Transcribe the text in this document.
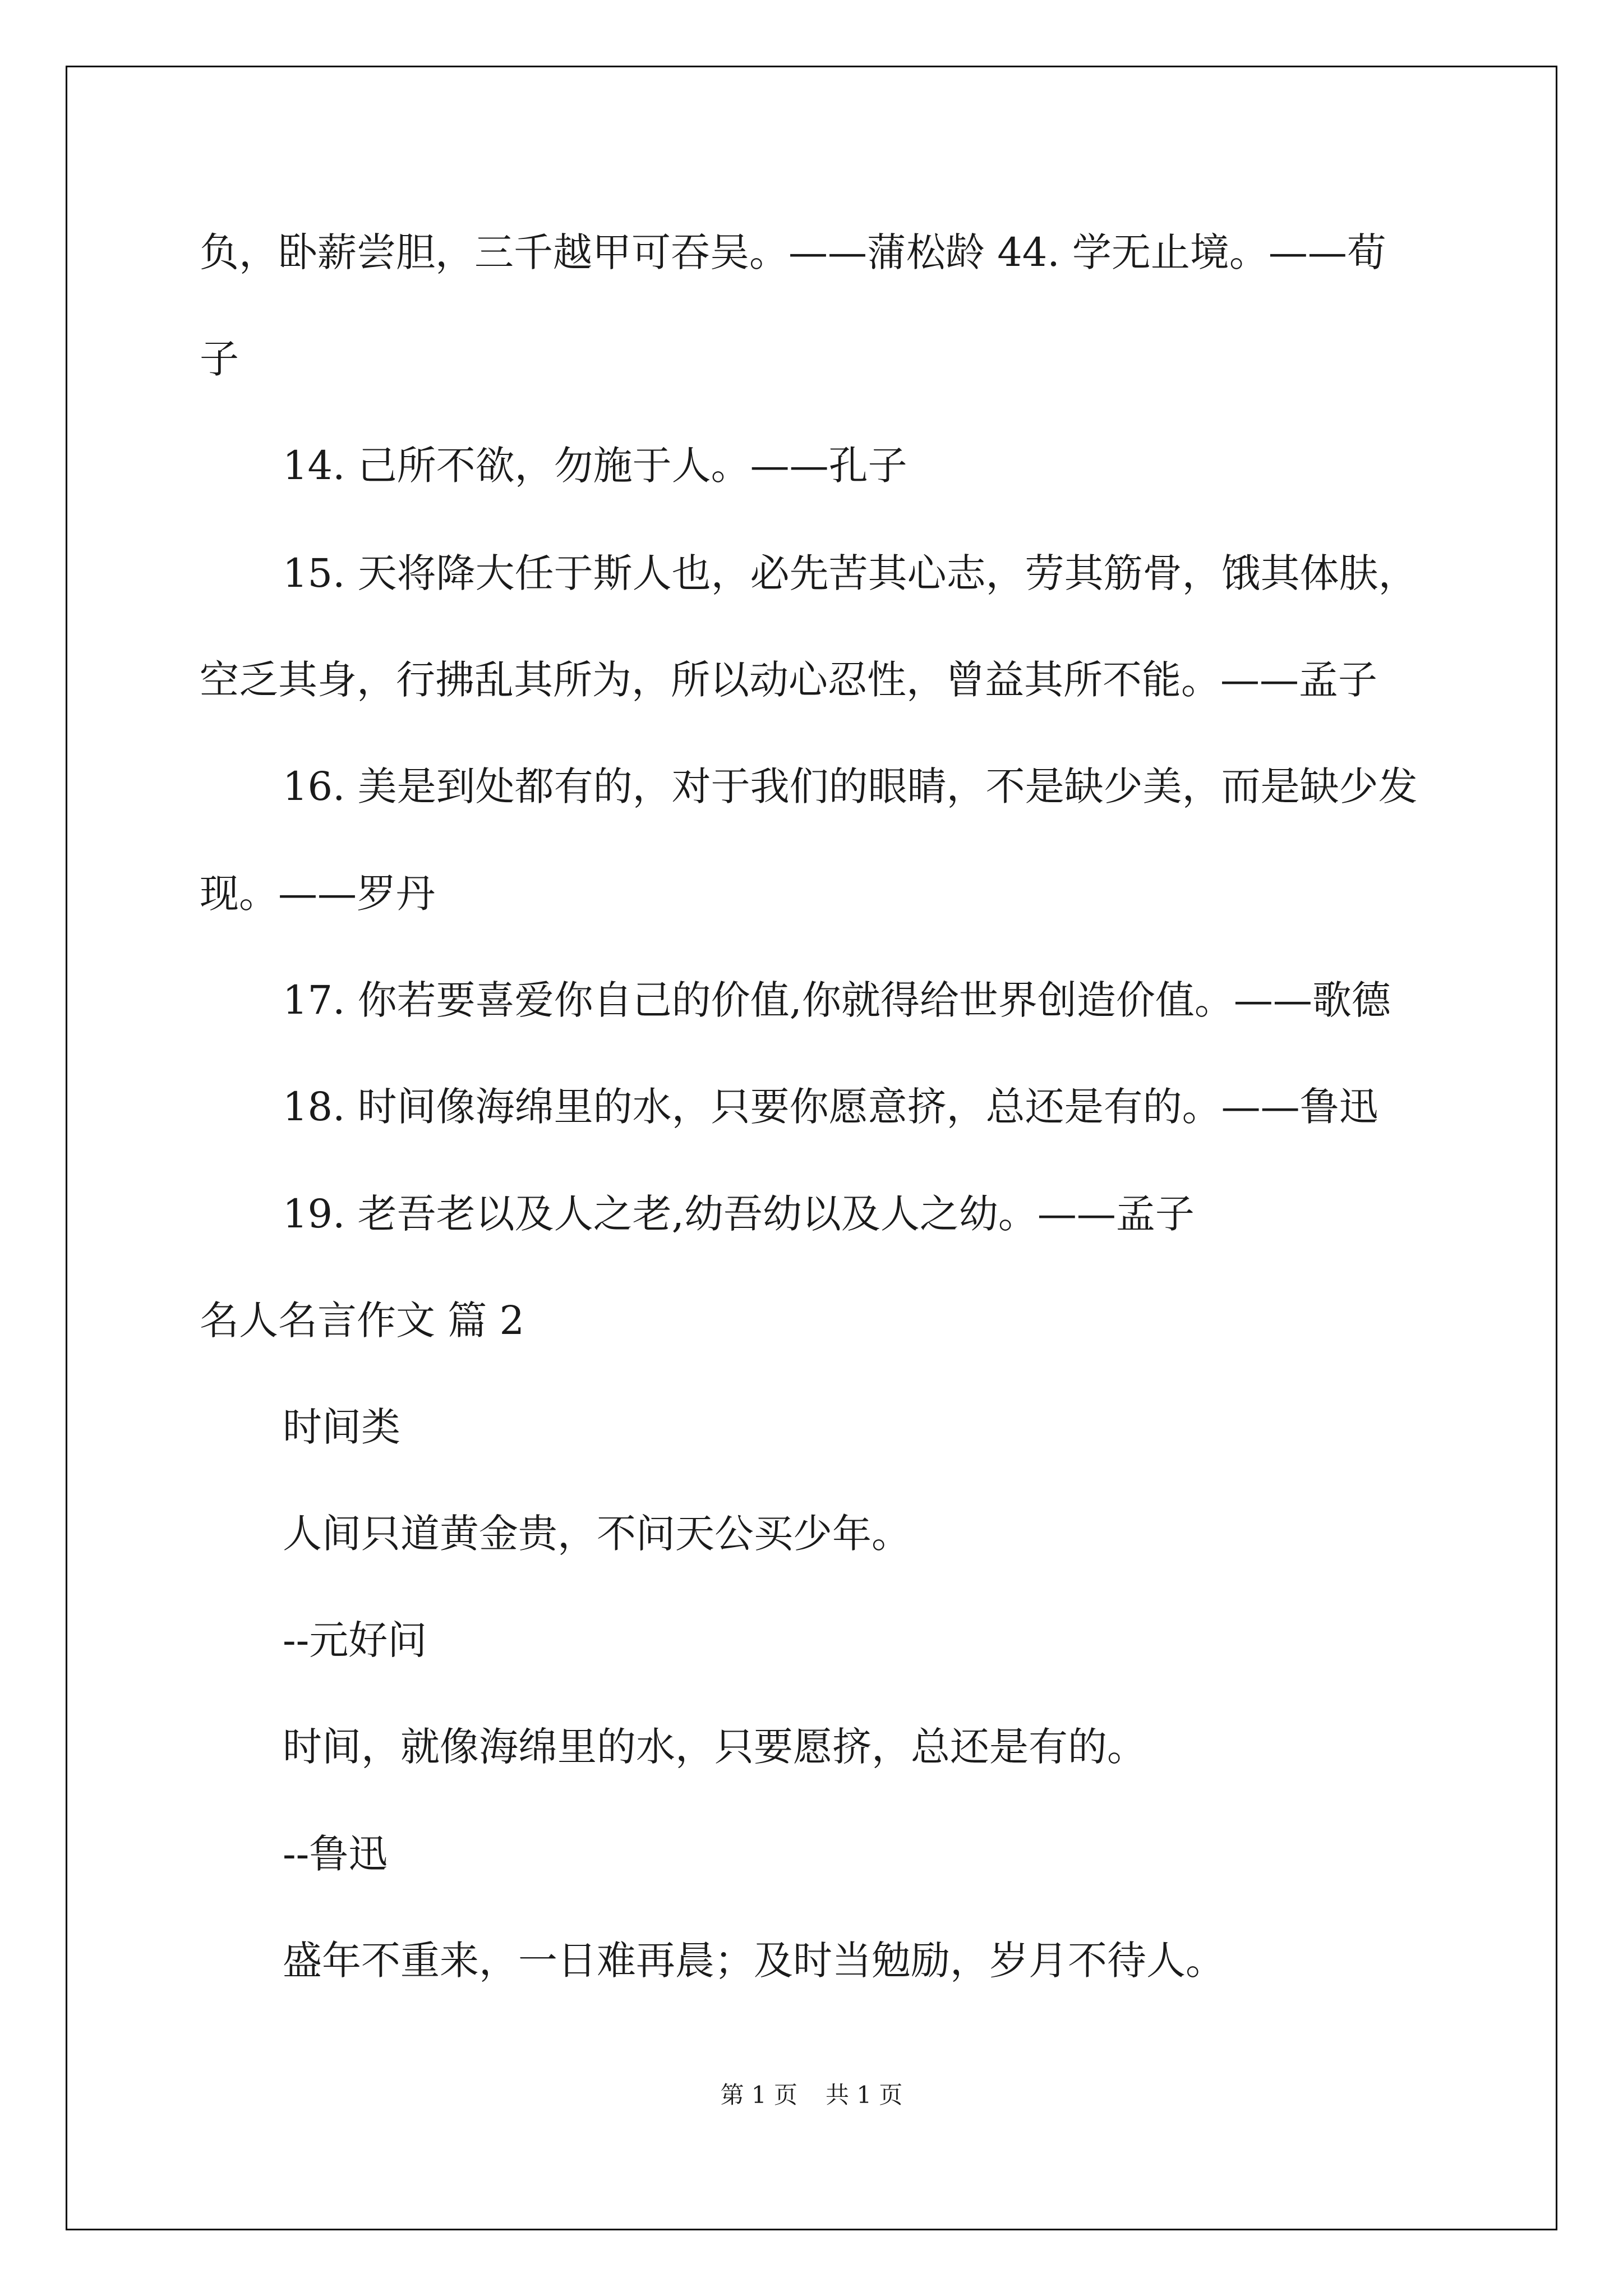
负，卧薪尝胆，三千越甲可吞吴。——蒲松龄 44. 学无止境。——荀
子
14. 己所不欲，勿施于人。——孔子
15. 天将降大任于斯人也，必先苦其心志，劳其筋骨，饿其体肤，
空乏其身，行拂乱其所为，所以动心忍性，曾益其所不能。——孟子
16. 美是到处都有的，对于我们的眼睛，不是缺少美，而是缺少发
现。——罗丹
17. 你若要喜爱你自己的价值,你就得给世界创造价值。——歌德
18. 时间像海绵里的水，只要你愿意挤，总还是有的。——鲁迅
19. 老吾老以及人之老,幼吾幼以及人之幼。——孟子
名人名言作文 篇 2
时间类
人间只道黄金贵，不问天公买少年。
--元好问
时间，就像海绵里的水，只要愿挤，总还是有的。
--鲁迅
盛年不重来，一日难再晨；及时当勉励，岁月不待人。
第 1 页 共 1 页
